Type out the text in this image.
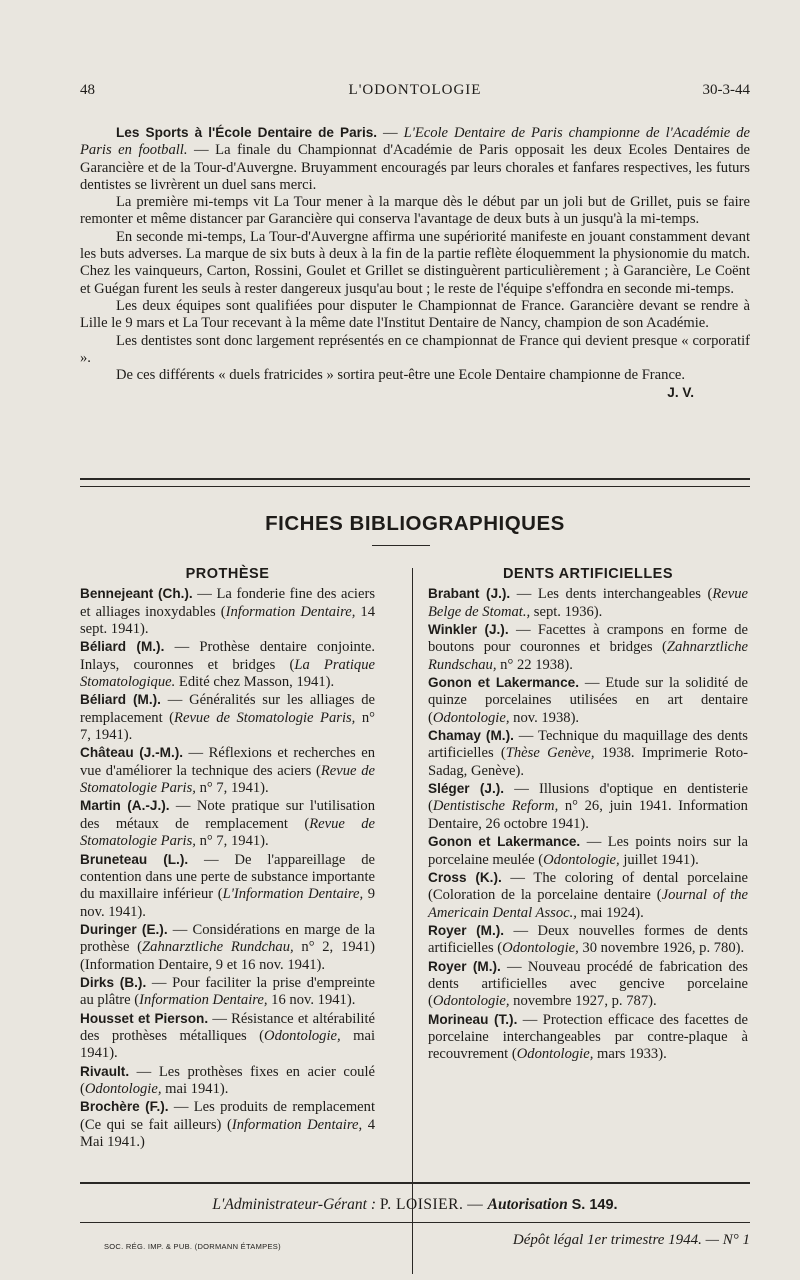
48	L'ODONTOLOGIE	30-3-44

Les Sports à l'École Dentaire de Paris. — L'Ecole Dentaire de Paris championne de l'Académie de Paris en football. — La finale du Championnat d'Académie de Paris opposait les deux Ecoles Dentaires de Garancière et de la Tour-d'Auvergne. Bruyamment encouragés par leurs chorales et fanfares respectives, les futurs dentistes se livrèrent un duel sans merci.

La première mi-temps vit La Tour mener à la marque dès le début par un joli but de Grillet, puis se faire remonter et même distancer par Garancière qui conserva l'avantage de deux buts à un jusqu'à la mi-temps.

En seconde mi-temps, La Tour-d'Auvergne affirma une supériorité manifeste en jouant constamment devant les buts adverses. La marque de six buts à deux à la fin de la partie reflète éloquemment la physionomie du match. Chez les vainqueurs, Carton, Rossini, Goulet et Grillet se distinguèrent particulièrement ; à Garancière, Le Coënt et Guégan furent les seuls à rester dangereux jusqu'au bout ; le reste de l'équipe s'effondra en seconde mi-temps.

Les deux équipes sont qualifiées pour disputer le Championnat de France. Garancière devant se rendre à Lille le 9 mars et La Tour recevant à la même date l'Institut Dentaire de Nancy, champion de son Académie.

Les dentistes sont donc largement représentés en ce championnat de France qui devient presque « corporatif ».

De ces différents « duels fratricides » sortira peut-être une Ecole Dentaire championne de France.

J. V.

FICHES BIBLIOGRAPHIQUES
PROTHÈSE

Bennejeant (Ch.). — La fonderie fine des aciers et alliages inoxydables (Information Dentaire, 14 sept. 1941).

Béliard (M.). — Prothèse dentaire conjointe. Inlays, couronnes et bridges (La Pratique Stomatologique. Edité chez Masson, 1941).

Béliard (M.). — Généralités sur les alliages de remplacement (Revue de Stomatologie Paris, n° 7, 1941).

Château (J.-M.). — Réflexions et recherches en vue d'améliorer la technique des aciers (Revue de Stomatologie Paris, n° 7, 1941).

Martin (A.-J.). — Note pratique sur l'utilisation des métaux de remplacement (Revue de Stomatologie Paris, n° 7, 1941).

Bruneteau (L.). — De l'appareillage de contention dans une perte de substance importante du maxillaire inférieur (L'Information Dentaire, 9 nov. 1941).

Duringer (E.). — Considérations en marge de la prothèse (Zahnarztliche Rundchau, n° 2, 1941) (Information Dentaire, 9 et 16 nov. 1941).

Dirks (B.). — Pour faciliter la prise d'empreinte au plâtre (Information Dentaire, 16 nov. 1941).

Housset et Pierson. — Résistance et altérabilité des prothèses métalliques (Odontologie, mai 1941).

Rivault. — Les prothèses fixes en acier coulé (Odontologie, mai 1941).

Brochère (F.). — Les produits de remplacement (Ce qui se fait ailleurs) (Information Dentaire, 4 Mai 1941.)

DENTS ARTIFICIELLES

Brabant (J.). — Les dents interchangeables (Revue Belge de Stomat., sept. 1936).

Winkler (J.). — Facettes à crampons en forme de boutons pour couronnes et bridges (Zahnarztliche Rundschau, n° 22 1938).

Gonon et Lakermance. — Etude sur la solidité de quinze porcelaines utilisées en art dentaire (Odontologie, nov. 1938).

Chamay (M.). — Technique du maquillage des dents artificielles (Thèse Genève, 1938. Imprimerie Roto-Sadag, Genève).

Sléger (J.). — Illusions d'optique en dentisterie (Dentistische Reform, n° 26, juin 1941. Information Dentaire, 26 octobre 1941).

Gonon et Lakermance. — Les points noirs sur la porcelaine meulée (Odontologie, juillet 1941).

Cross (K.). — The coloring of dental porcelaine (Coloration de la porcelaine dentaire (Journal of the Americain Dental Assoc., mai 1924).

Royer (M.). — Deux nouvelles formes de dents artificielles (Odontologie, 30 novembre 1926, p. 780).

Royer (M.). — Nouveau procédé de fabrication des dents artificielles avec gencive porcelaine (Odontologie, novembre 1927, p. 787).

Morineau (T.). — Protection efficace des facettes de porcelaine interchangeables par contre-plaque à recouvrement (Odontologie, mars 1933).

L'Administrateur-Gérant : P. LOISIER. — Autorisation S. 149.
SOC. RÉG. IMP. & PUB. (DORMANN ÉTAMPES)	Dépôt légal 1er trimestre 1944. — N° 1
